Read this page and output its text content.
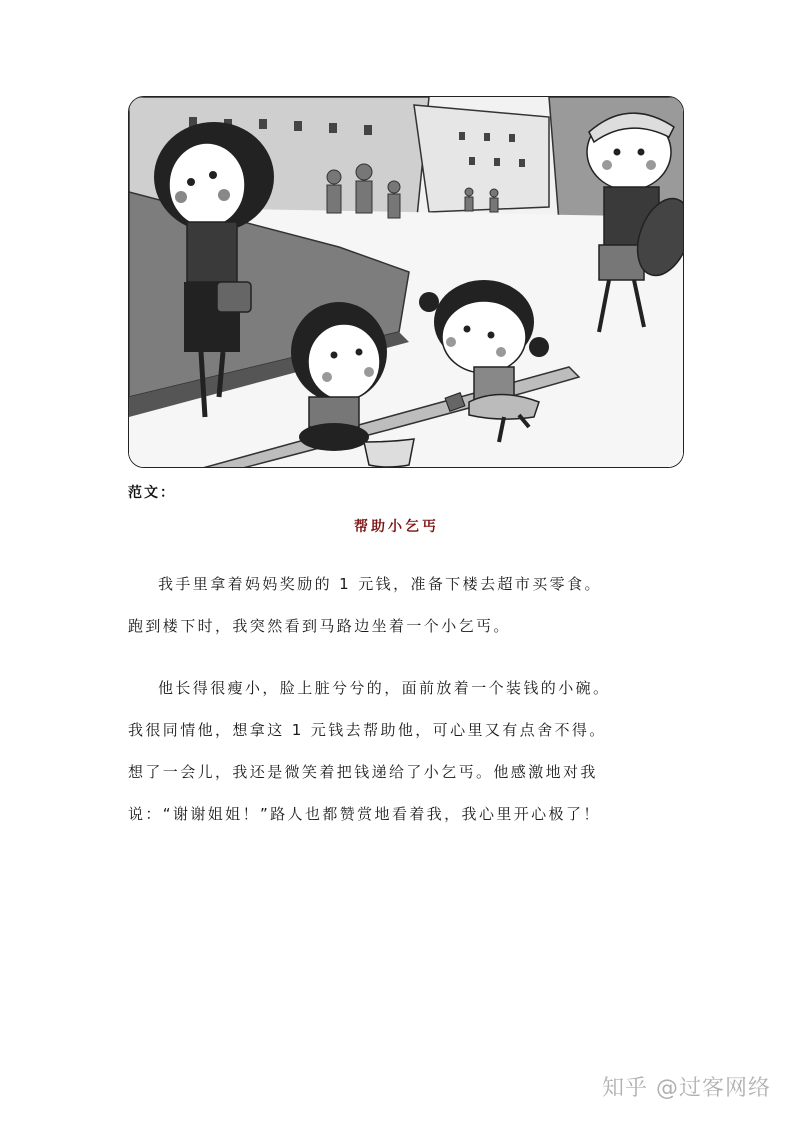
范文：
帮助小乞丐

我手里拿着妈妈奖励的 1 元钱，准备下楼去超市买零食。
跑到楼下时，我突然看到马路边坐着一个小乞丐。

他长得很瘦小，脸上脏兮兮的，面前放着一个装钱的小碗。
我很同情他，想拿这 1 元钱去帮助他，可心里又有点舍不得。
想了一会儿，我还是微笑着把钱递给了小乞丐。他感激地对我
说：“谢谢姐姐！”路人也都赞赏地看着我，我心里开心极了！

知乎 @过客网络
